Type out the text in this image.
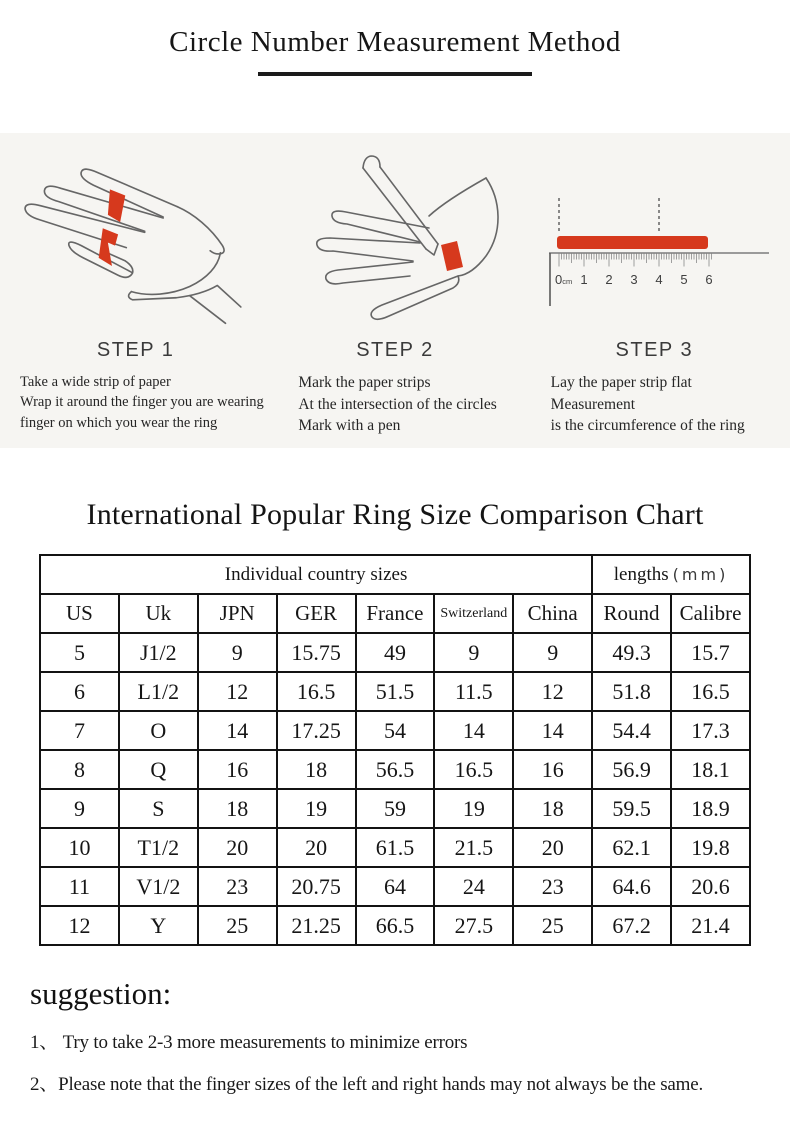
Circle Number Measurement Method
STEP 1

Take a wide strip of paper

Wrap it around the finger you are wearing

finger on which you wear the ring

STEP 2

Mark the paper strips

At the intersection of the circles

Mark with a pen

0cm 1 2 3 4 5 6
STEP 3

Lay the paper strip flat

Measurement

is the circumference of the ring

International Popular Ring Size Comparison Chart
Individual country sizes							lengths (mm)	
US	Uk	JPN	GER	France	Switzerland	China	Round	Calibre
5	J1/2	9	15.75	49	9	9	49.3	15.7
6	L1/2	12	16.5	51.5	11.5	12	51.8	16.5
7	O	14	17.25	54	14	14	54.4	17.3
8	Q	16	18	56.5	16.5	16	56.9	18.1
9	S	18	19	59	19	18	59.5	18.9
10	T1/2	20	20	61.5	21.5	20	62.1	19.8
11	V1/2	23	20.75	64	24	23	64.6	20.6
12	Y	25	21.25	66.5	27.5	25	67.2	21.4
suggestion:

1、 Try to take 2-3 more measurements to minimize errors

2、Please note that the finger sizes of the left and right hands may not always be the same.
